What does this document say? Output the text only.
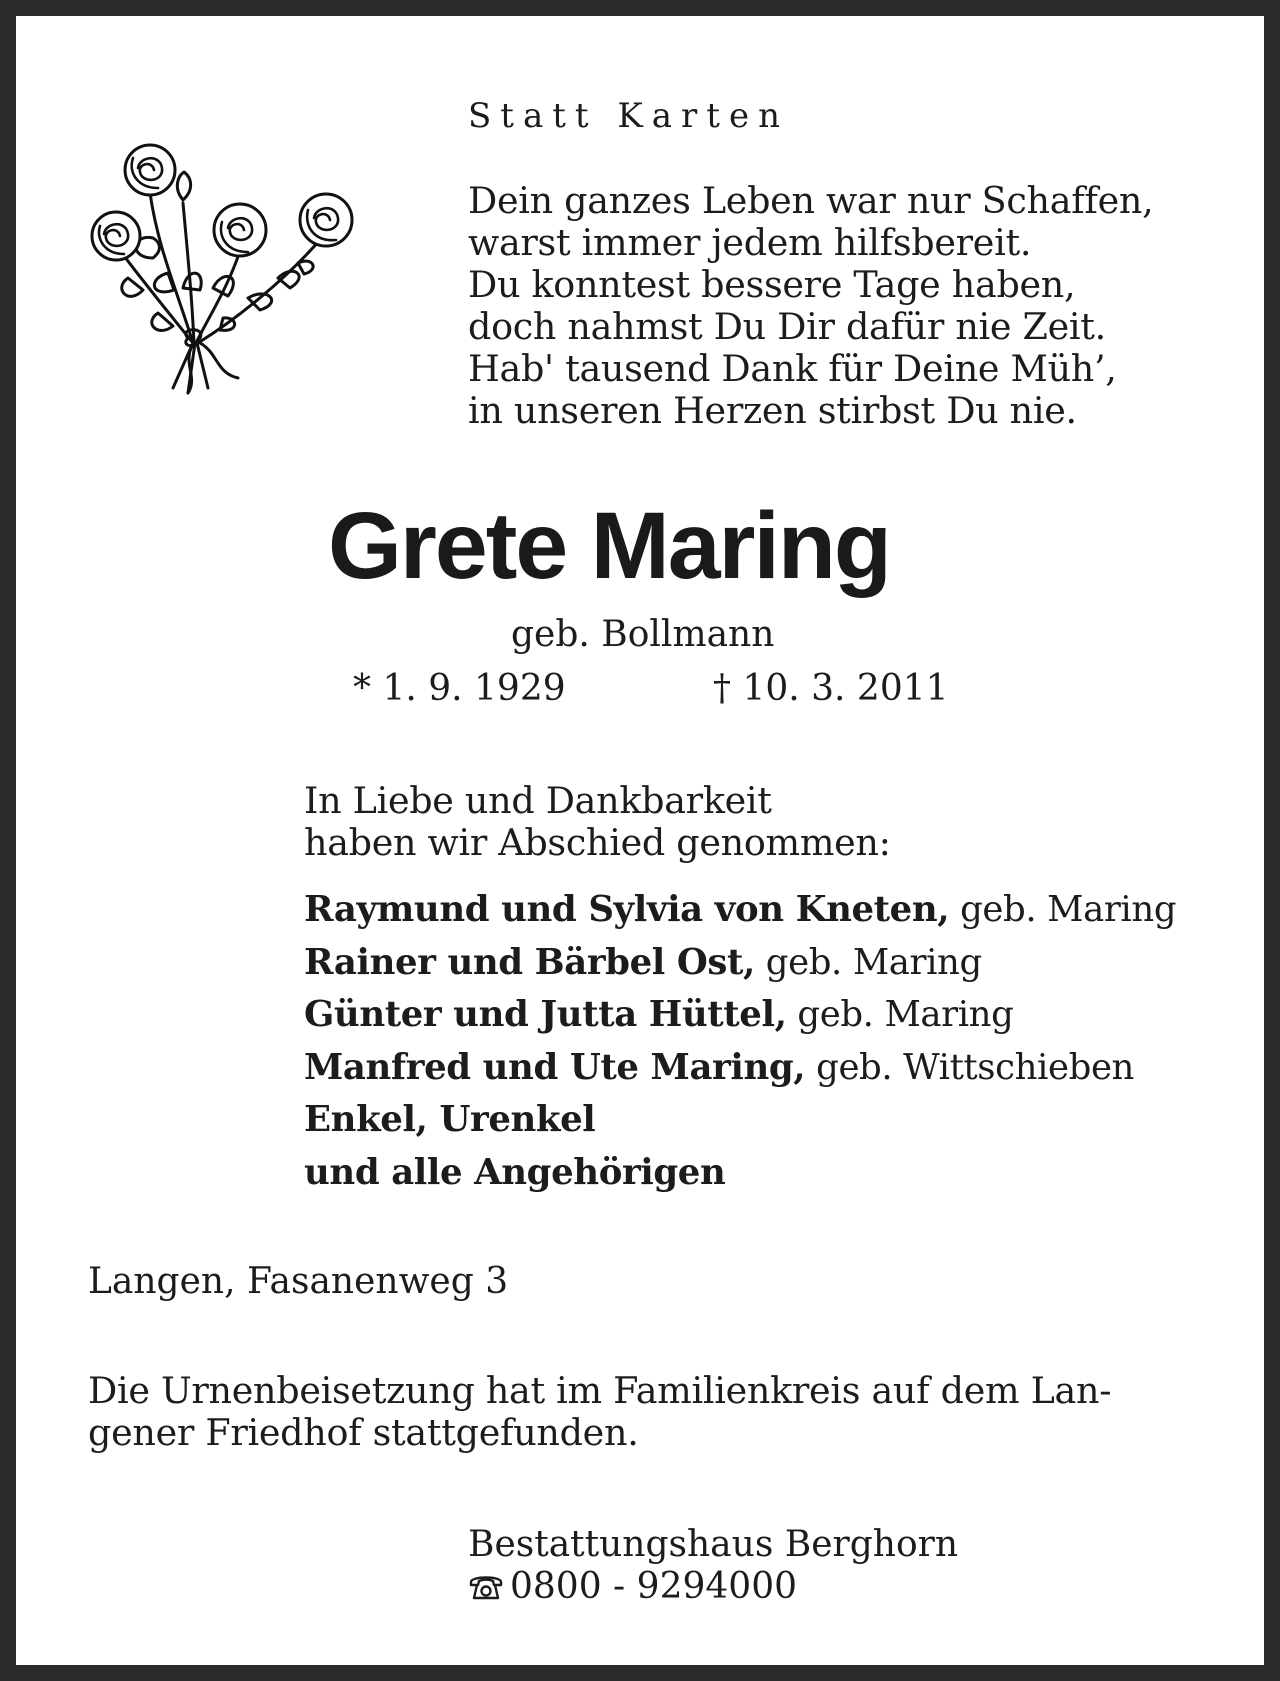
Statt Karten
Dein ganzes Leben war nur Schaffen,
warst immer jedem hilfsbereit.
Du konntest bessere Tage haben,
doch nahmst Du Dir dafür nie Zeit.
Hab' tausend Dank für Deine Müh’,
in unseren Herzen stirbst Du nie.
Grete Maring
geb. Bollmann
* 1. 9. 1929	† 10. 3. 2011
In Liebe und Dankbarkeit
haben wir Abschied genommen:
Raymund und Sylvia von Kneten, geb. Maring
Rainer und Bärbel Ost, geb. Maring
Günter und Jutta Hüttel, geb. Maring
Manfred und Ute Maring, geb. Wittschieben
Enkel, Urenkel
und alle Angehörigen
Langen, Fasanenweg 3
Die Urnenbeisetzung hat im Familienkreis auf dem Lan-
gener Friedhof stattgefunden.
Bestattungshaus Berghorn
0800 - 9294000
